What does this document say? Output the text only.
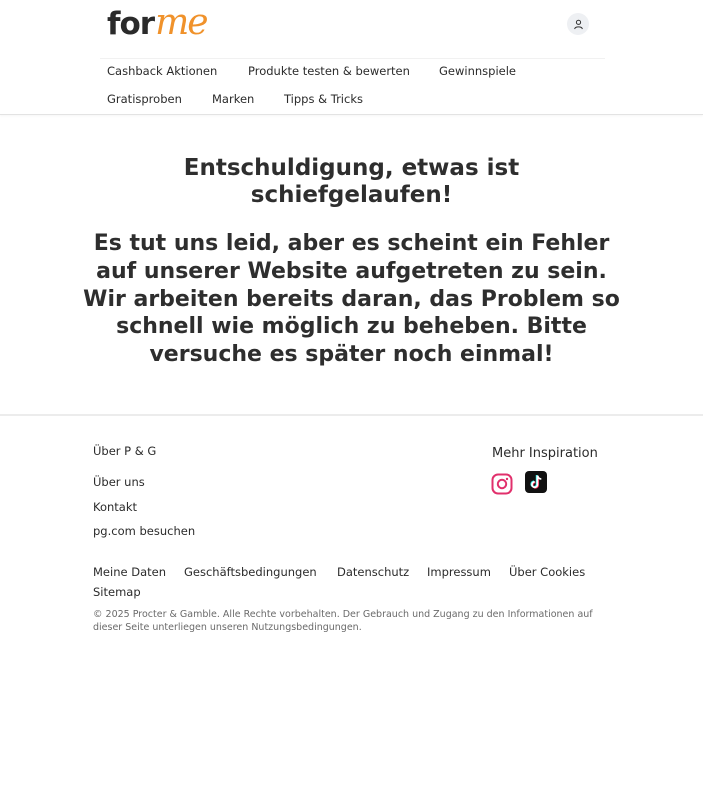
for me
Cashback Aktionen	Produkte testen & bewerten	Gewinnspiele
Gratisproben	Marken	Tipps & Tricks
Entschuldigung, etwas ist schiefgelaufen!

Es tut uns leid, aber es scheint ein Fehler auf unserer Website aufgetreten zu sein. Wir arbeiten bereits daran, das Problem so schnell wie möglich zu beheben. Bitte versuche es später noch einmal!

Über P & G
Über uns
Kontakt
pg.com besuchen
Mehr Inspiration
Meine Daten Geschäftsbedingungen Datenschutz Impressum Über Cookies
Sitemap

© 2025 Procter & Gamble. Alle Rechte vorbehalten. Der Gebrauch und Zugang zu den Informationen auf dieser Seite unterliegen unseren Nutzungsbedingungen.
